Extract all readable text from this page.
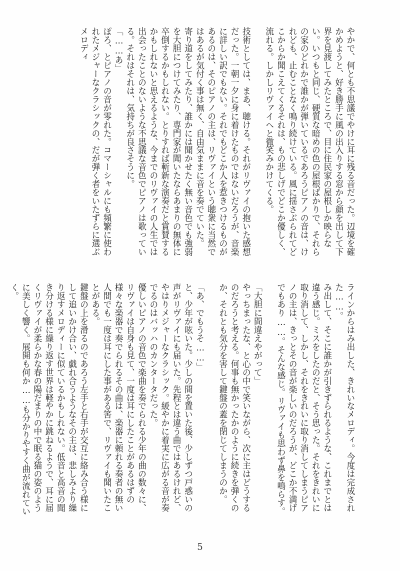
やかで、何とも不思議でやけに耳に残る音だった。辺境を確かめようと、好き勝手に風の出入りする窓から顔を出して下界を見渡してみたところで、目に住民家の屋根しか映らない。いつもと同じ、硬質な暗めの色の屋根ばかりで、それらの家のどれかで誰かが弾いているであろうピアノの音は、けれども、止むことなく鳴り続けている。風に揺さぶられてどこからか聞こえてくるそれは、もの悲しげでどこか優しく、流れる。しかしリヴァイへと微笑みかけてくる。

技術としては、まあ、聴ける。それがリヴァイの抱いた感想だった。一朝一夕に身に着けたものではないだろうが、音楽に詳しい訳でもない。それでもどこか人を惹きつけるものがあるのは、そのピアノの主は、リヴァイという聴衆に当然ではあるが気付く事は無く、自由気ままに音を奏でていた。
寄り道をしてみたり、誰かには聞かせたく無い音色でも強弱を大胆につけてみたり、専門家が聞いたならあまりの無体に卒倒するかもしれない。とりすれば斬新な演奏だと賞賛するかもしれないと思えるような、今までのリヴァイの人生では出会ったことのないような不思議な音色でピアノは歌っている。それはそれは、気持ちが良さそうに。
「……あ」
ぽろ、とピアノの音が零れた。コマーシャルにも頻繁に使われたメジャーなクラシックの、だが弾く者をいたずらに選ぶメロディ
ラインからはみ出した、きれいなメロディ。今度は完成された……。
み出して、そこに誰かが引きずられるような、これまでとは違う感じ。ミスをしたのだと、そう思った。それをきれいに取り消して、しかし、それをきれいに取り消してしまうピアノの主は、きっとその音が楽しいのだろうが、どこか不満げでもあり……。そんな感じ。リヴァイも思わず鼻を鳴らす。

「大胆に間違えやがって」
やっちまったな、と心の中で笑いながら、次に主はどうするのだろうと考える。何事も無かったかのように続きを弾くのか、それとも気分を害して鍵盤の蓋を閉じてしまうのか。

「あ、でもうそ……」
と、少年が呟いた。少しの間を置いた後、少しずつ戸惑いの声がリヴァイにも届いた。先程とは違う曲ではあるけれど、やはりメジャーなクラシック。緩やかに着実に広がる音が奏でるのはバッハのカンタータだった。
優しいピアノの音色で楽曲を奏でられる少年の曲の数々に、リヴァイは自身も見て、一度は耳にしたことがあるはずの様々な楽器で奏でられるその曲は、楽器に頼れる奏者の無い人間でも一度は耳にした事がある筈で、リヴァイも聞いたことがある。
鍵盤の上を滑るのであろう左手と右手が交互に絡み合う様にして追いかけ合い、戯れ合うようなその主は、悲しみより繰り返すメロディーに似ているかもしれない。低音と高音の聞き分ける様に繰り返す世界は軽やかに跳ねるようで、耳に届くリヴァイが柔らかな春の陽だまりの中で眠る猫の姿のように美しく響く。展開も何か……も分かりやすく曲が流れていく。
5
